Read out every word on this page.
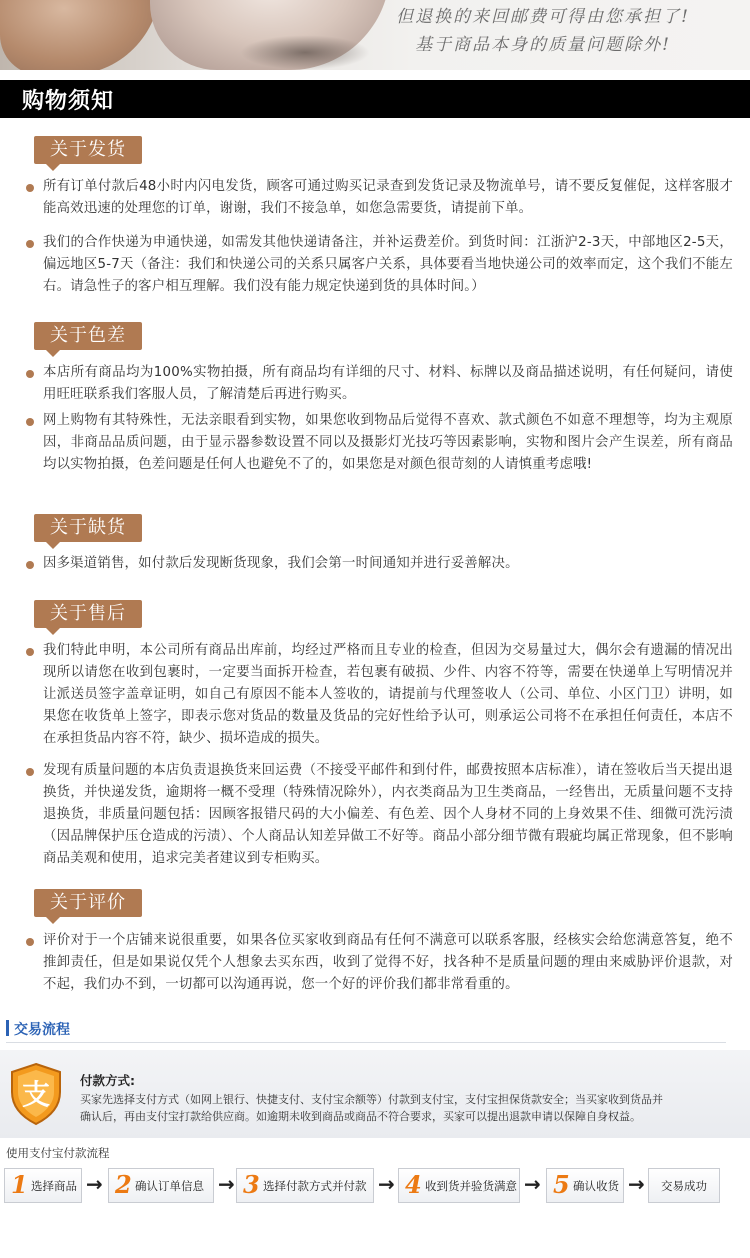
但退换的来回邮费可得由您承担了!
基于商品本身的质量问题除外!
购物须知
关于发货
所有订单付款后48小时内闪电发货，顾客可通过购买记录查到发货记录及物流单号，请不要反复催促，这样客服才能高效迅速的处理您的订单，谢谢，我们不接急单，如您急需要货，请提前下单。
我们的合作快递为申通快递，如需发其他快递请备注，并补运费差价。到货时间：江浙沪2-3天，中部地区2-5天，偏远地区5-7天（备注：我们和快递公司的关系只属客户关系，具体要看当地快递公司的效率而定，这个我们不能左右。请急性子的客户相互理解。我们没有能力规定快递到货的具体时间。）
关于色差
本店所有商品均为100%实物拍摄，所有商品均有详细的尺寸、材料、标牌以及商品描述说明，有任何疑问，请使用旺旺联系我们客服人员，了解清楚后再进行购买。
网上购物有其特殊性，无法亲眼看到实物，如果您收到物品后觉得不喜欢、款式颜色不如意不理想等，均为主观原因，非商品品质问题，由于显示器参数设置不同以及摄影灯光技巧等因素影响，实物和图片会产生误差，所有商品均以实物拍摄，色差问题是任何人也避免不了的，如果您是对颜色很苛刻的人请慎重考虑哦!
关于缺货
因多渠道销售，如付款后发现断货现象，我们会第一时间通知并进行妥善解决。
关于售后
我们特此申明，本公司所有商品出库前，均经过严格而且专业的检查，但因为交易量过大，偶尔会有遗漏的情况出现所以请您在收到包裹时，一定要当面拆开检查，若包裹有破损、少件、内容不符等，需要在快递单上写明情况并让派送员签字盖章证明，如自己有原因不能本人签收的，请提前与代理签收人（公司、单位、小区门卫）讲明，如果您在收货单上签字，即表示您对货品的数量及货品的完好性给予认可，则承运公司将不在承担任何责任，本店不在承担货品内容不符，缺少、损坏造成的损失。
发现有质量问题的本店负责退换货来回运费（不接受平邮件和到付件，邮费按照本店标准），请在签收后当天提出退换货，并快递发货，逾期将一概不受理（特殊情况除外），内衣类商品为卫生类商品，一经售出，无质量问题不支持退换货，非质量问题包括：因顾客报错尺码的大小偏差、有色差、因个人身材不同的上身效果不佳、细微可洗污渍（因品牌保护压仓造成的污渍）、个人商品认知差异做工不好等。商品小部分细节微有瑕疵均属正常现象，但不影响商品美观和使用，追求完美者建议到专柜购买。
关于评价
评价对于一个店铺来说很重要，如果各位买家收到商品有任何不满意可以联系客服，经核实会给您满意答复，绝不推卸责任，但是如果说仅凭个人想象去买东西，收到了觉得不好，找各种不是质量问题的理由来威胁评价退款，对不起，我们办不到，一切都可以沟通再说，您一个好的评价我们都非常看重的。
交易流程
支 付款方式:
买家先选择支付方式（如网上银行、快捷支付、支付宝余额等）付款到支付宝，支付宝担保货款安全；当买家收到货品并
确认后，再由支付宝打款给供应商。如逾期未收到商品或商品不符合要求，买家可以提出退款申请以保障自身权益。
使用支付宝付款流程
1 选择商品 → 2 确认订单信息 → 3 选择付款方式并付款 → 4 收到货并验货满意 → 5 确认收货 → 交易成功
